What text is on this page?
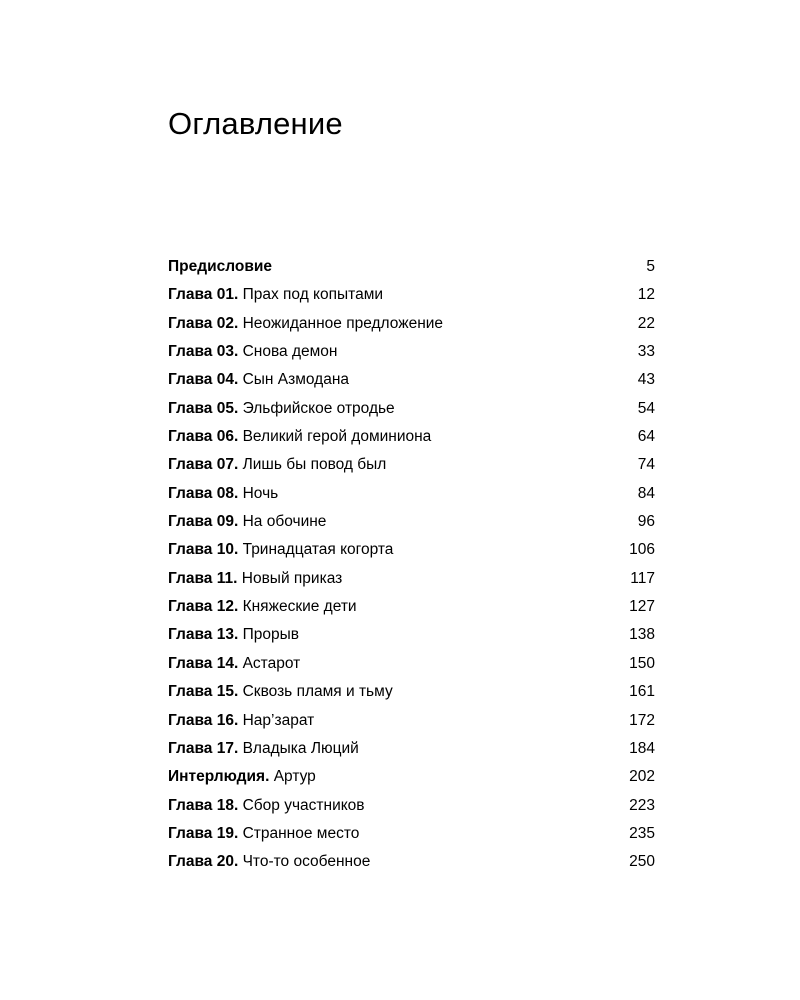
Оглавление
Предисловие	5
Глава 01. Прах под копытами	12
Глава 02. Неожиданное предложение	22
Глава 03. Снова демон	33
Глава 04. Сын Азмодана	43
Глава 05. Эльфийское отродье	54
Глава 06. Великий герой доминиона	64
Глава 07. Лишь бы повод был	74
Глава 08. Ночь	84
Глава 09. На обочине	96
Глава 10. Тринадцатая когорта	106
Глава 11. Новый приказ	117
Глава 12. Княжеские дети	127
Глава 13. Прорыв	138
Глава 14. Астарот	150
Глава 15. Сквозь пламя и тьму	161
Глава 16. Нар’зарат	172
Глава 17. Владыка Люций	184
Интерлюдия. Артур	202
Глава 18. Сбор участников	223
Глава 19. Странное место	235
Глава 20. Что-то особенное	250
